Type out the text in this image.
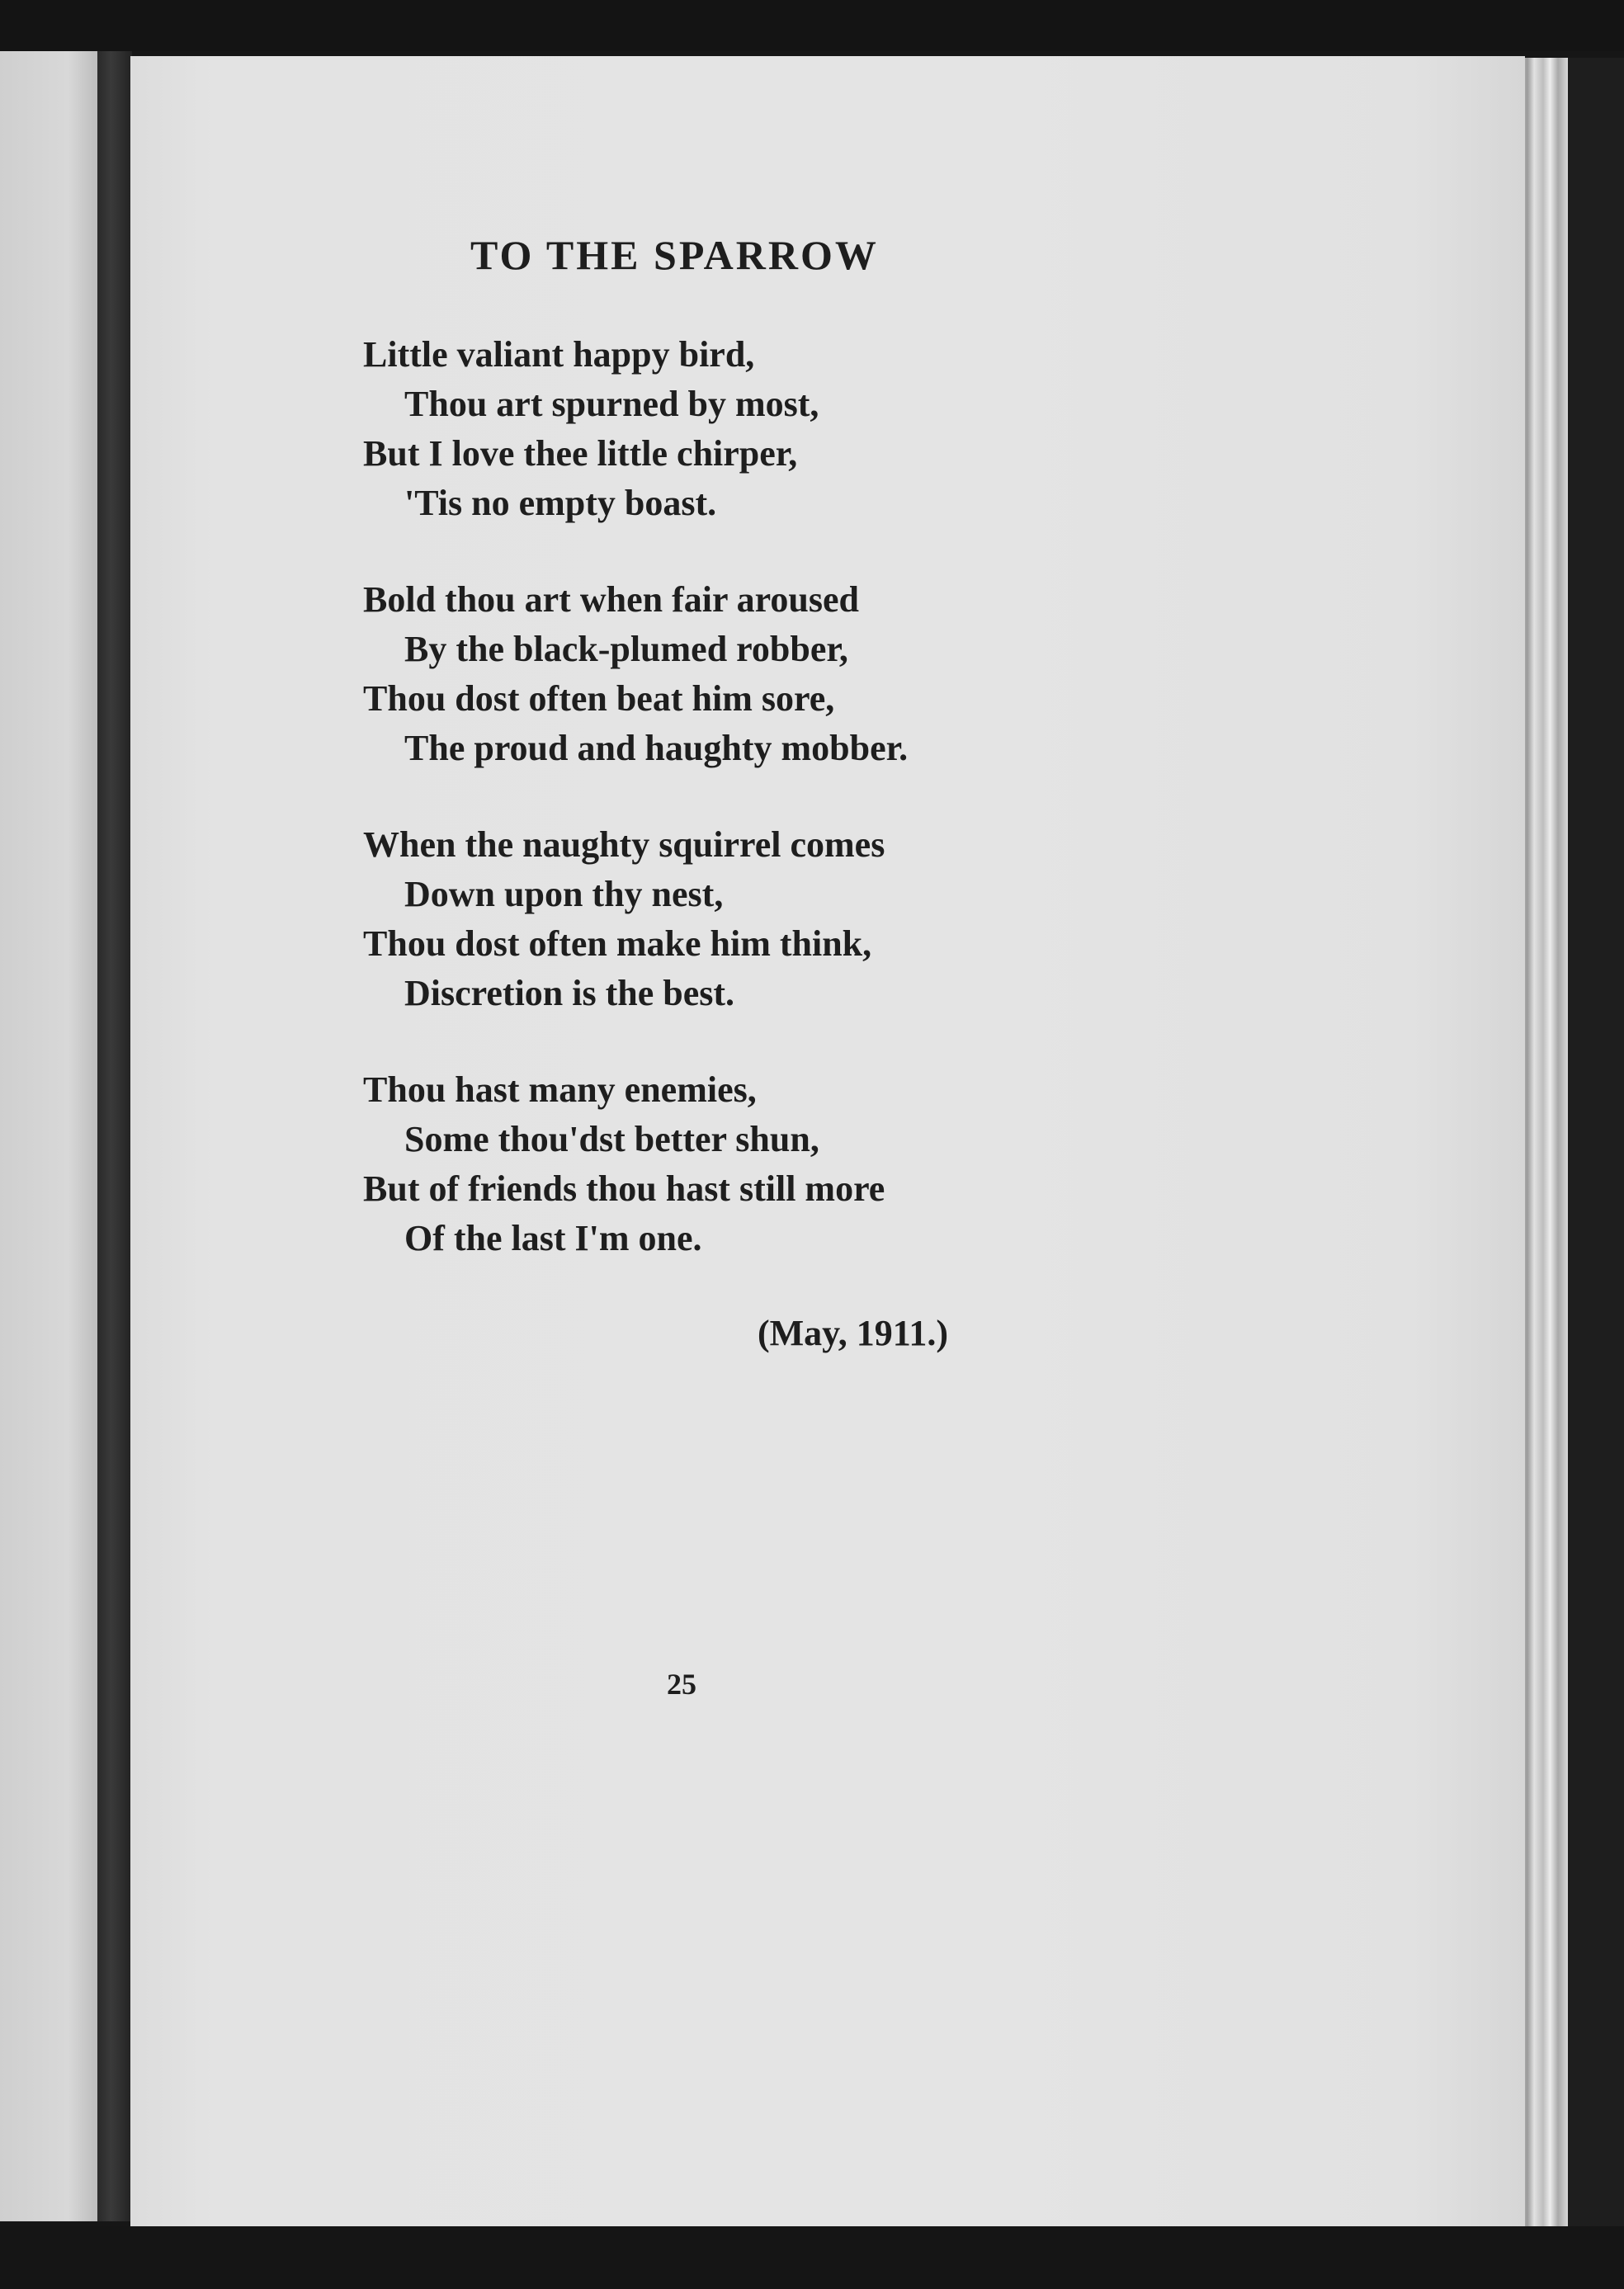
TO THE SPARROW
Little valiant happy bird,
Thou art spurned by most,
But I love thee little chirper,
'Tis no empty boast.
Bold thou art when fair aroused
By the black-plumed robber,
Thou dost often beat him sore,
The proud and haughty mobber.
When the naughty squirrel comes
Down upon thy nest,
Thou dost often make him think,
Discretion is the best.
Thou hast many enemies,
Some thou'dst better shun,
But of friends thou hast still more
Of the last I'm one.
(May, 1911.)
25
